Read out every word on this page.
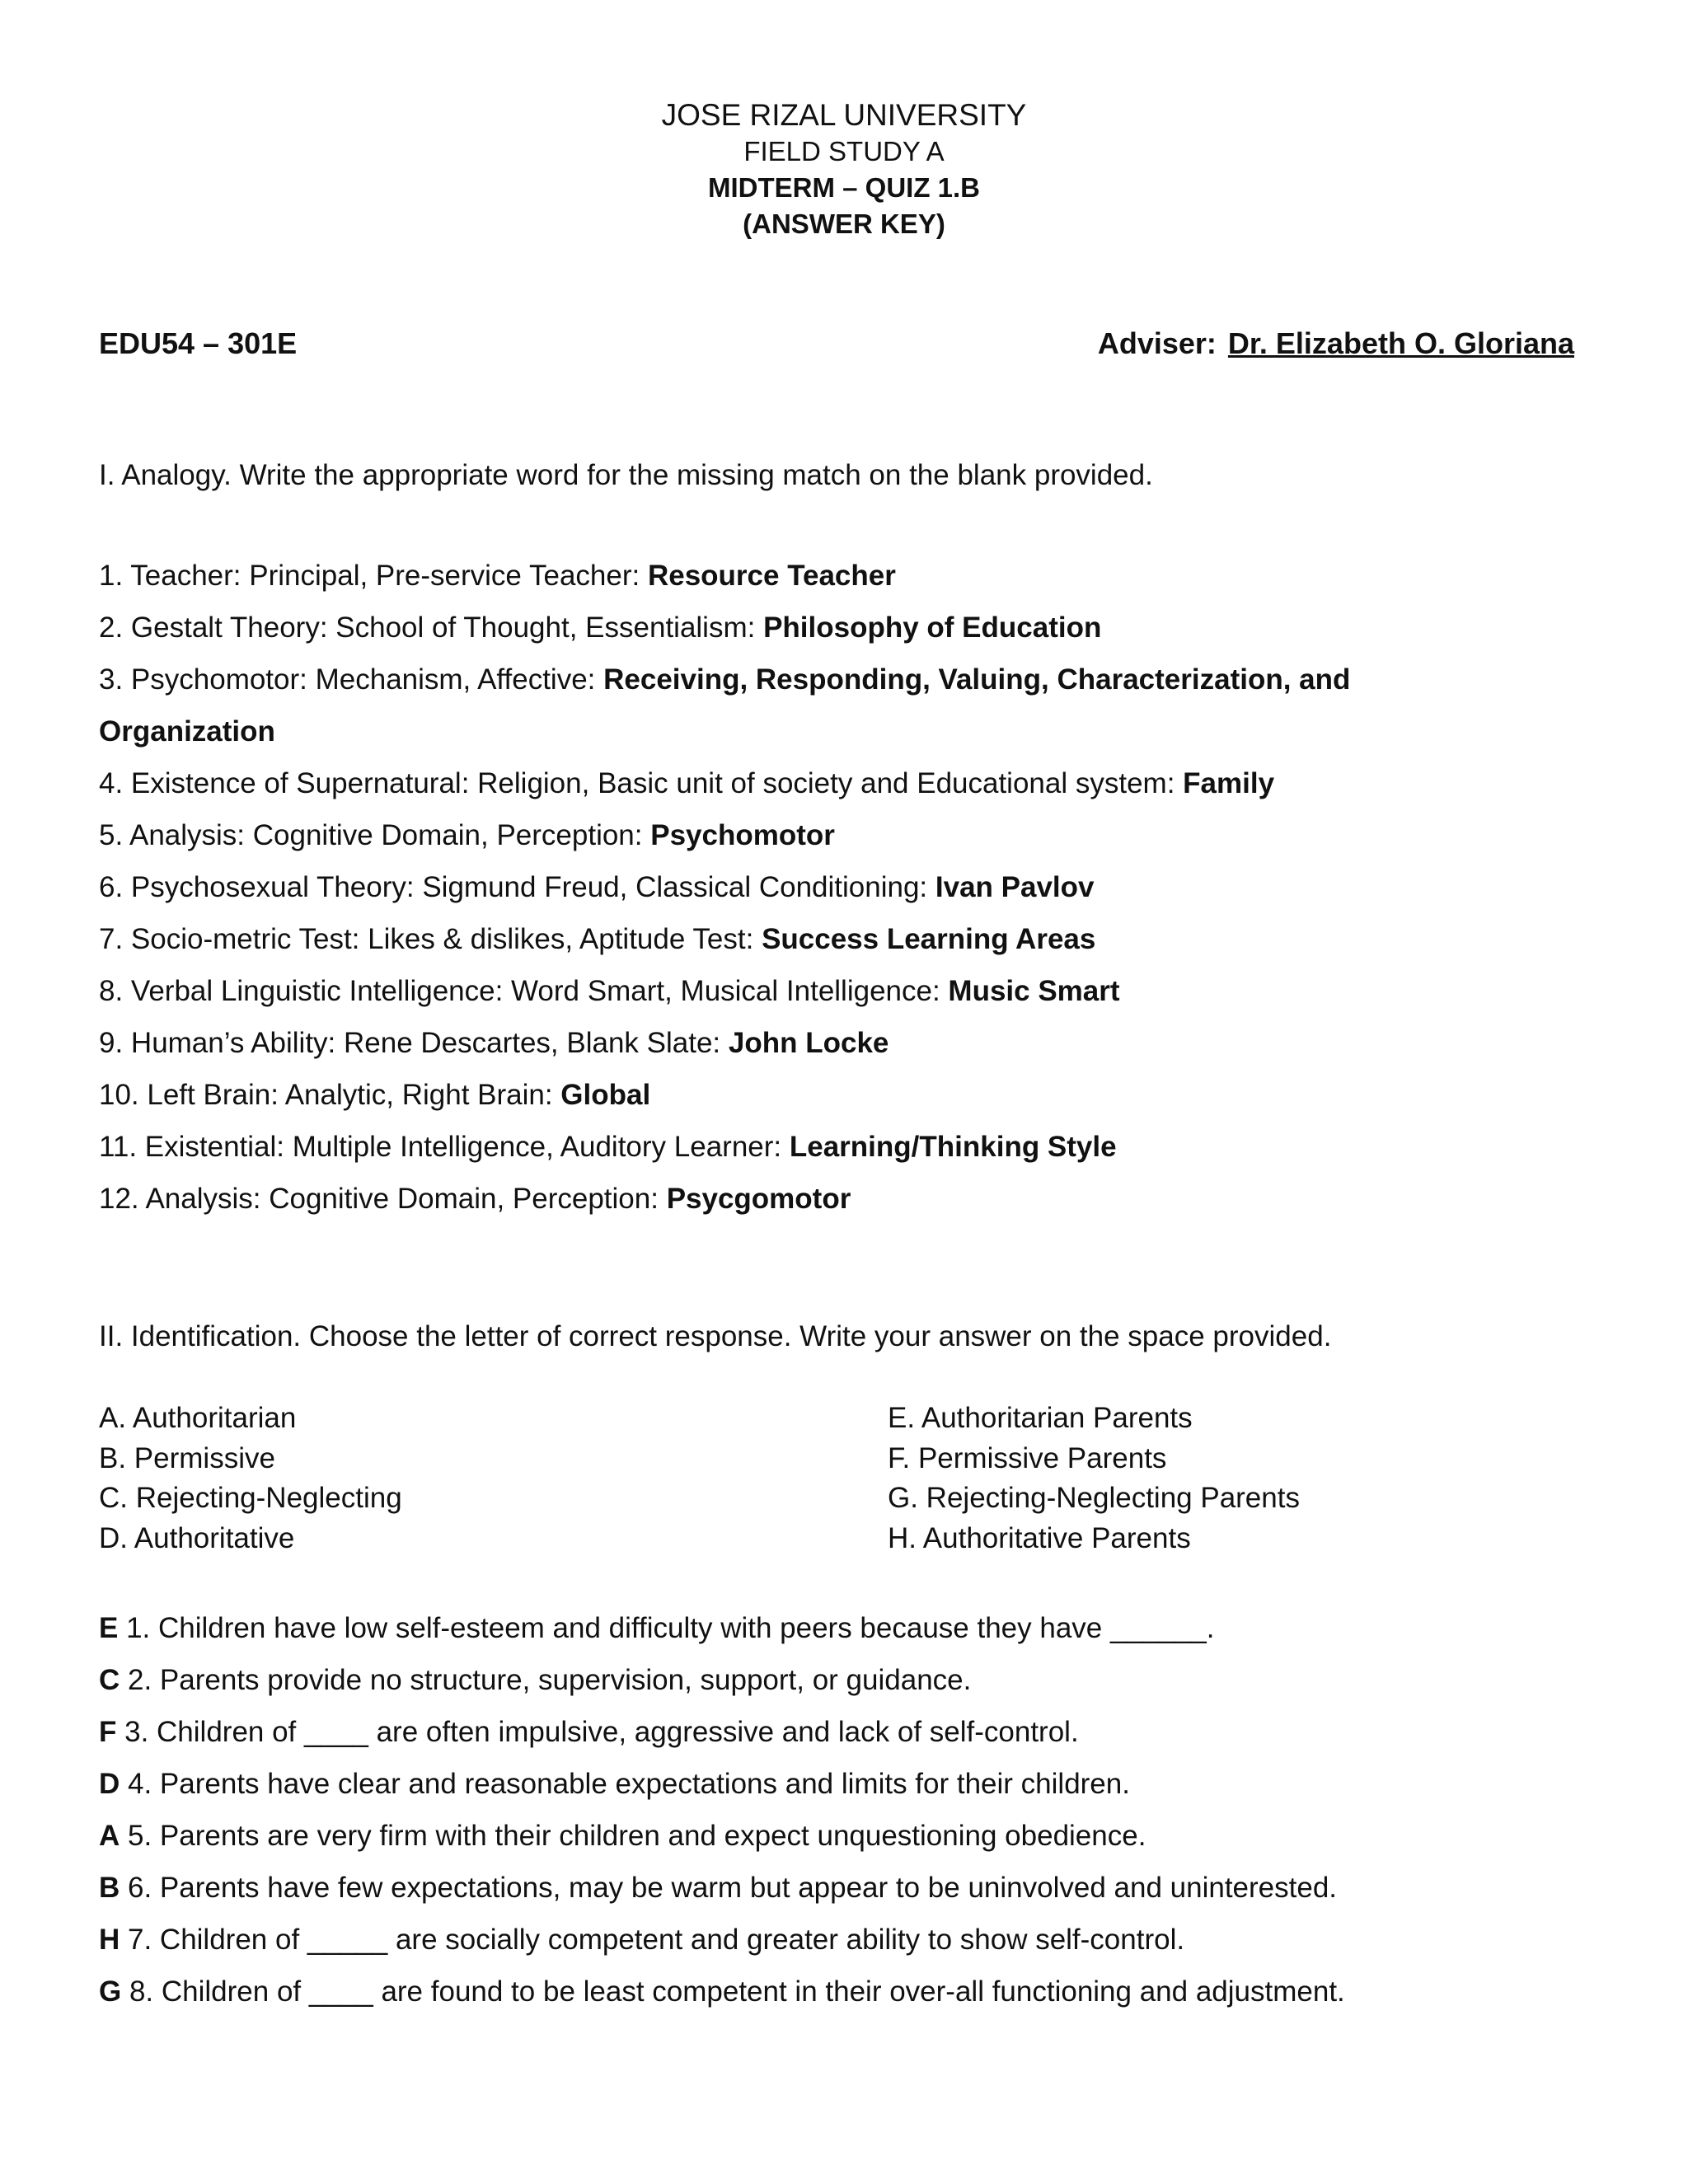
JOSE RIZAL UNIVERSITY
FIELD STUDY A
MIDTERM – QUIZ 1.B
(ANSWER KEY)
EDU54 – 301E	Adviser: Dr. Elizabeth O. Gloriana
I. Analogy. Write the appropriate word for the missing match on the blank provided.
1. Teacher: Principal, Pre-service Teacher: Resource Teacher
2. Gestalt Theory: School of Thought, Essentialism: Philosophy of Education
3. Psychomotor: Mechanism, Affective: Receiving, Responding, Valuing, Characterization, and Organization
4. Existence of Supernatural: Religion, Basic unit of society and Educational system: Family
5. Analysis: Cognitive Domain, Perception: Psychomotor
6. Psychosexual Theory: Sigmund Freud, Classical Conditioning: Ivan Pavlov
7. Socio-metric Test: Likes & dislikes, Aptitude Test: Success Learning Areas
8. Verbal Linguistic Intelligence: Word Smart, Musical Intelligence: Music Smart
9. Human’s Ability: Rene Descartes, Blank Slate: John Locke
10. Left Brain: Analytic, Right Brain: Global
11. Existential: Multiple Intelligence, Auditory Learner: Learning/Thinking Style
12. Analysis: Cognitive Domain, Perception: Psycgomotor
II. Identification. Choose the letter of correct response. Write your answer on the space provided.
A. Authoritarian
B. Permissive
C. Rejecting-Neglecting
D. Authoritative
E. Authoritarian Parents
F. Permissive Parents
G. Rejecting-Neglecting Parents
H. Authoritative Parents
E 1. Children have low self-esteem and difficulty with peers because they have ______.
C 2. Parents provide no structure, supervision, support, or guidance.
F 3. Children of ____ are often impulsive, aggressive and lack of self-control.
D 4. Parents have clear and reasonable expectations and limits for their children.
A 5. Parents are very firm with their children and expect unquestioning obedience.
B 6. Parents have few expectations, may be warm but appear to be uninvolved and uninterested.
H 7. Children of _____ are socially competent and greater ability to show self-control.
G 8. Children of ____ are found to be least competent in their over-all functioning and adjustment.
